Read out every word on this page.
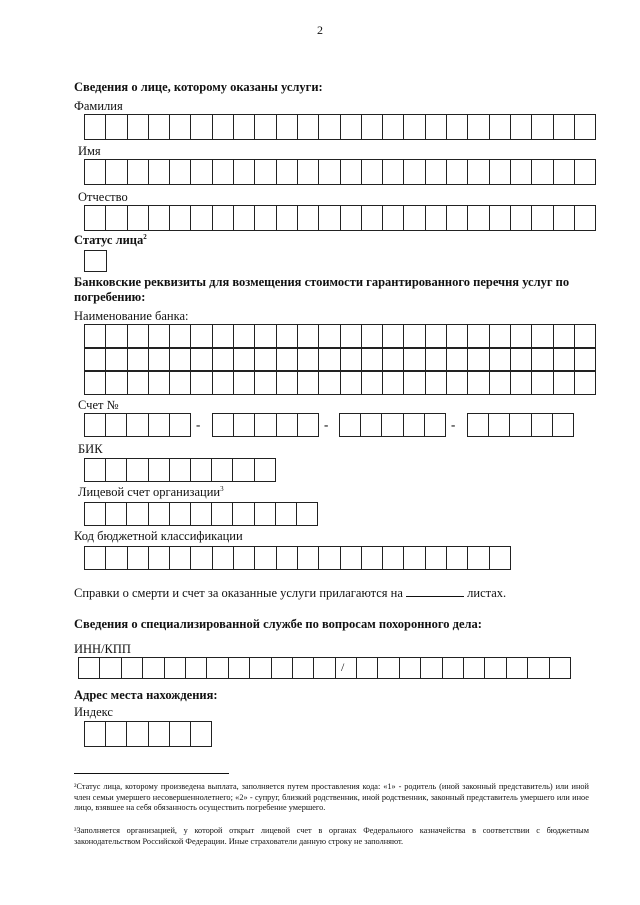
2
Сведения о лице, которому оказаны услуги:
Фамилия
Имя
Отчество
Статус лица$^2$
Банковские реквизиты для возмещения стоимости гарантированного перечня услуг по
погребению:
Наименование банка:
Счет №
-	-	-
БИК
Лицевой счет организации$^3$
Код бюджетной классификации
Справки о смерти и счет за оказанные услуги прилагаются на	листах.
Сведения о специализированной службе по вопросам похоронного дела:
ИНН/КПП
/
Адрес места нахождения:
Индекс
²Статус лица, которому произведена выплата, заполняется путем проставления кода: «1» - родитель (иной законный представитель) или иной член семьи умершего несовершеннолетнего; «2» - супруг, близкий родственник, иной родственник, законный представитель умершего или иное лицо, взявшее на себя обязанность осуществить погребение умершего.
³Заполняется организацией, у которой открыт лицевой счет в органах Федерального казначейства в соответствии с бюджетным законодательством Российской Федерации. Иные страхователи данную строку не заполняют.
